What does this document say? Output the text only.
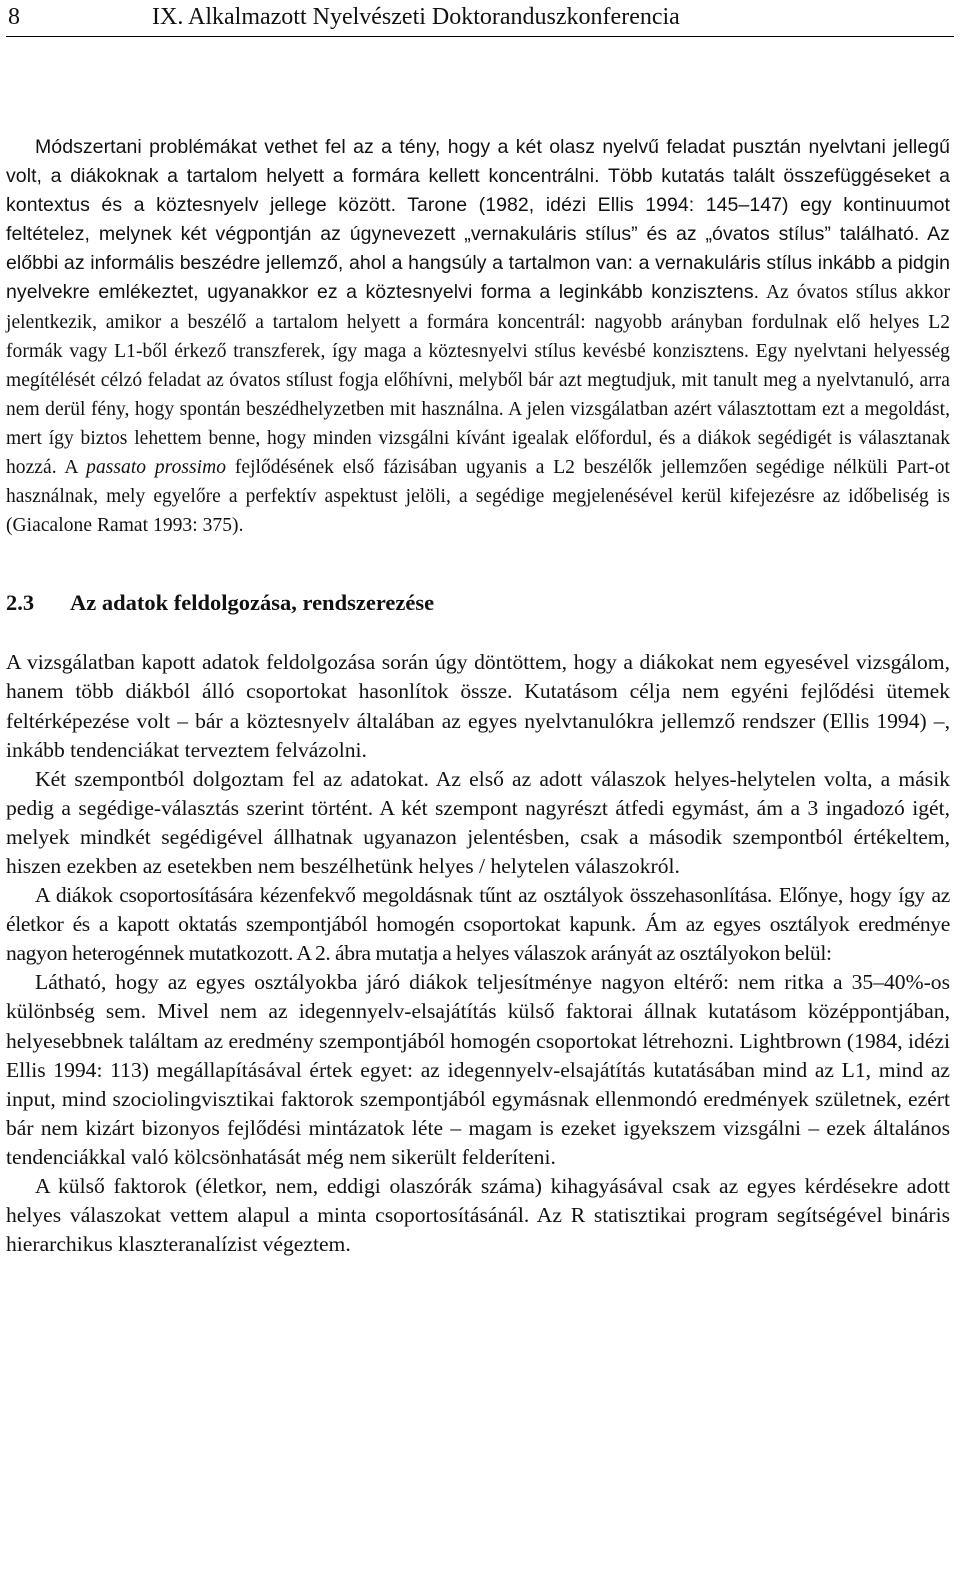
8	IX. Alkalmazott Nyelvészeti Doktoranduszkonferencia

Módszertani problémákat vethet fel az a tény, hogy a két olasz nyelvű feladat pusztán nyelvtani jellegű volt, a diákoknak a tartalom helyett a formára kellett koncentrálni. Több kutatás talált összefüggéseket a kontextus és a köztesnyelv jellege között. Tarone (1982, idézi Ellis 1994: 145–147) egy kontinuumot feltételez, melynek két végpontján az úgynevezett „vernakuláris stílus” és az „óvatos stílus” található. Az előbbi az informális beszédre jellemző, ahol a hangsúly a tartalmon van: a vernakuláris stílus inkább a pidgin nyelvekre emlékeztet, ugyanakkor ez a köztesnyelvi forma a leginkább konzisztens. Az óvatos stílus akkor jelentkezik, amikor a beszélő a tartalom helyett a formára koncentrál: nagyobb arányban fordulnak elő helyes L2 formák vagy L1-ből érkező transzferek, így maga a köztesnyelvi stílus kevésbé konzisztens. Egy nyelvtani helyesség megítélését célzó feladat az óvatos stílust fogja előhívni, melyből bár azt megtudjuk, mit tanult meg a nyelvtanuló, arra nem derül fény, hogy spontán beszédhelyzetben mit használna. A jelen vizsgálatban azért választottam ezt a megoldást, mert így biztos lehettem benne, hogy minden vizsgálni kívánt igealak előfordul, és a diákok segédigét is választanak hozzá. A passato prossimo fejlődésének első fázisában ugyanis a L2 beszélők jellemzően segédige nélküli Part-ot használnak, mely egyelőre a perfektív aspektust jelöli, a segédige megjelenésével kerül kifejezésre az időbeliség is (Giacalone Ramat 1993: 375).

2.3 Az adatok feldolgozása, rendszerezése

A vizsgálatban kapott adatok feldolgozása során úgy döntöttem, hogy a diákokat nem egyesével vizsgálom, hanem több diákból álló csoportokat hasonlítok össze. Kutatásom célja nem egyéni fejlődési ütemek feltérképezése volt – bár a köztesnyelv általában az egyes nyelvtanulókra jellemző rendszer (Ellis 1994) –, inkább tendenciákat terveztem felvázolni.

Két szempontból dolgoztam fel az adatokat. Az első az adott válaszok helyes-helytelen volta, a másik pedig a segédige-választás szerint történt. A két szempont nagyrészt átfedi egymást, ám a 3 ingadozó igét, melyek mindkét segédigével állhatnak ugyanazon jelentésben, csak a második szempontból értékeltem, hiszen ezekben az esetekben nem beszélhetünk helyes / helytelen válaszokról.

A diákok csoportosítására kézenfekvő megoldásnak tűnt az osztályok összehasonlítása. Előnye, hogy így az életkor és a kapott oktatás szempontjából homogén csoportokat kapunk. Ám az egyes osztályok eredménye nagyon heterogénnek mutatkozott. A 2. ábra mutatja a helyes válaszok arányát az osztályokon belül:

Látható, hogy az egyes osztályokba járó diákok teljesítménye nagyon eltérő: nem ritka a 35–40%-os különbség sem. Mivel nem az idegennyelv-elsajátítás külső faktorai állnak kutatásom középpontjában, helyesebbnek találtam az eredmény szempontjából homogén csoportokat létrehozni. Lightbrown (1984, idézi Ellis 1994: 113) megállapításával értek egyet: az idegennyelv-elsajátítás kutatásában mind az L1, mind az input, mind szociolingvisztikai faktorok szempontjából egymásnak ellenmondó eredmények születnek, ezért bár nem kizárt bizonyos fejlődési mintázatok léte – magam is ezeket igyekszem vizsgálni – ezek általános tendenciákkal való kölcsönhatását még nem sikerült felderíteni.

A külső faktorok (életkor, nem, eddigi olaszórák száma) kihagyásával csak az egyes kérdésekre adott helyes válaszokat vettem alapul a minta csoportosításánál. Az R statisztikai program segítségével bináris hierarchikus klaszteranalízist végeztem.
